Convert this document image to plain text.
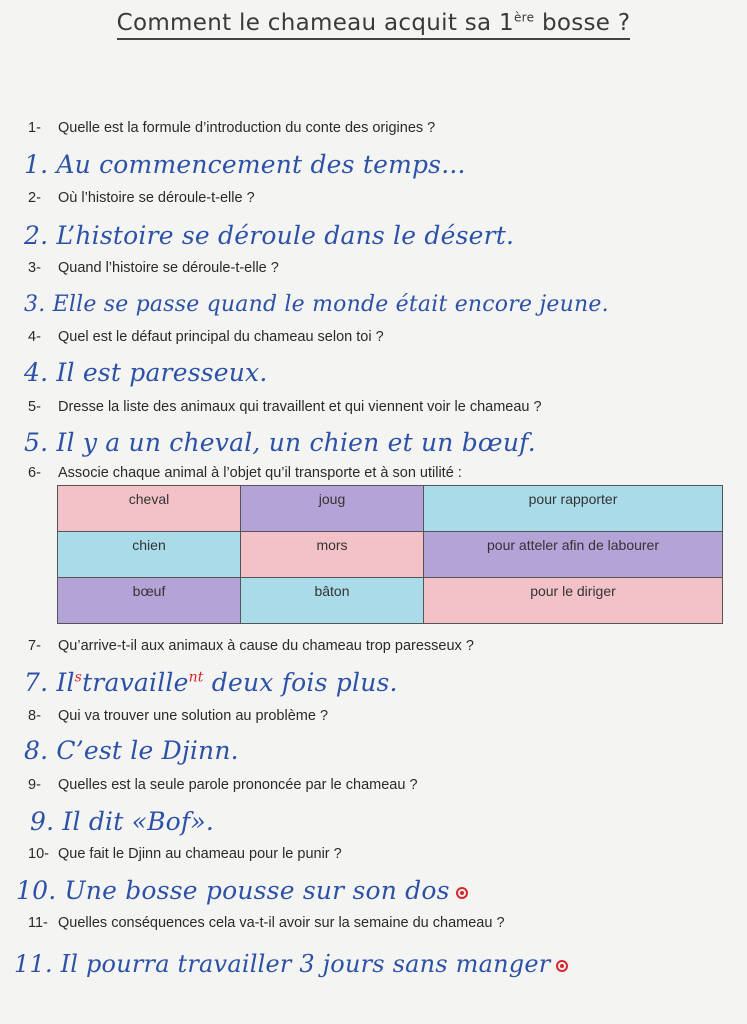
Comment le chameau acquit sa 1ère bosse ?
1- Quelle est la formule d’introduction du conte des origines ?
1. Au commencement des temps...
2- Où l’histoire se déroule-t-elle ?
2. L’histoire se déroule dans le désert.
3- Quand l’histoire se déroule-t-elle ?
3. Elle se passe quand le monde était encore jeune.
4- Quel est le défaut principal du chameau selon toi ?
4. Il est paresseux.
5- Dresse la liste des animaux qui travaillent et qui viennent voir le chameau ?
5. Il y a un cheval, un chien et un bœuf.
6- Associe chaque animal à l’objet qu’il transporte et à son utilité :
cheval	joug	pour rapporter
chien	mors	pour atteler afin de labourer
bœuf	bâton	pour le diriger
7- Qu’arrive-t-il aux animaux à cause du chameau trop paresseux ?
7. Il$^s$travaille$^{nt}$ deux fois plus.
8- Qui va trouver une solution au problème ?
8. C’est le Djinn.
9- Quelles est la seule parole prononcée par le chameau ?
9. Il dit «Bof».
10- Que fait le Djinn au chameau pour le punir ?
10. Une bosse pousse sur son dos
11- Quelles conséquences cela va-t-il avoir sur la semaine du chameau ?
11. Il pourra travailler 3 jours sans manger
